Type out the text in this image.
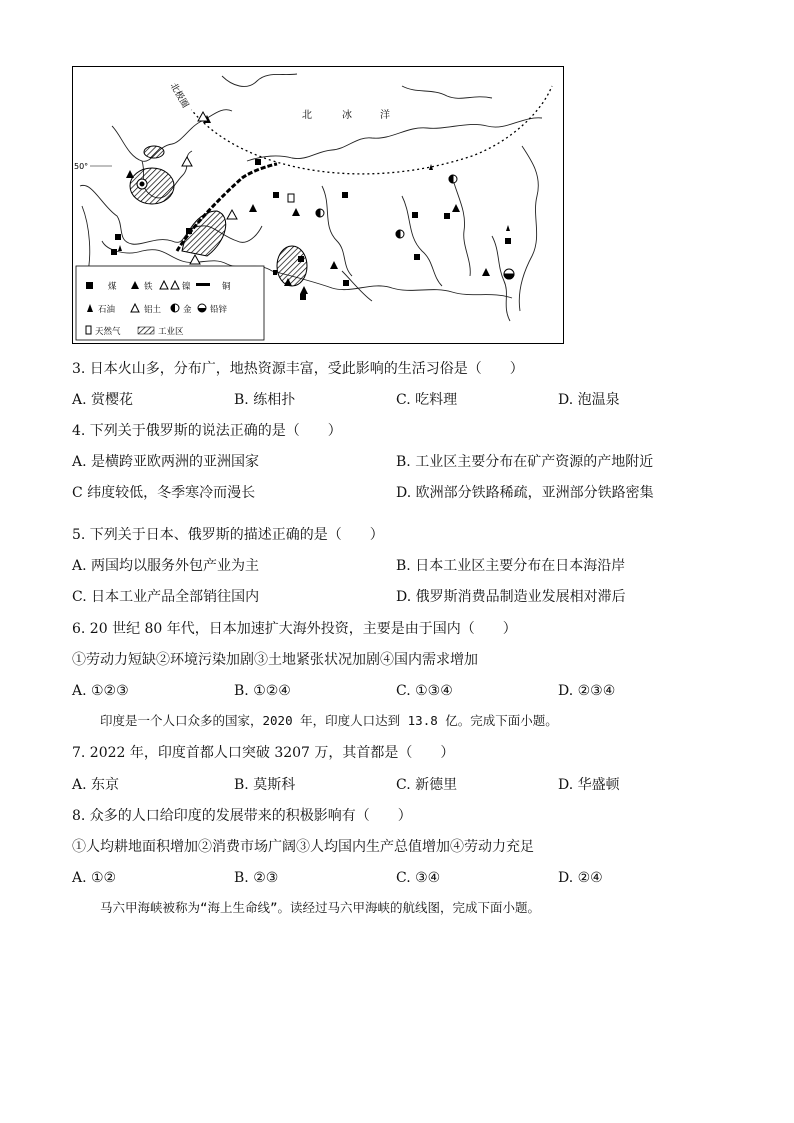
北极圈
50°
北	冰	洋
煤	铁	镍	铜
石油	铝土	金 铅锌
天然气	工业区
3. 日本火山多，分布广，地热资源丰富，受此影响的生活习俗是（　　）
A. 赏樱花	B. 练相扑	C. 吃料理	D. 泡温泉
4. 下列关于俄罗斯的说法正确的是（　　）
A. 是横跨亚欧两洲的亚洲国家	B. 工业区主要分布在矿产资源的产地附近
C 纬度较低，冬季寒冷而漫长	D. 欧洲部分铁路稀疏，亚洲部分铁路密集
5. 下列关于日本、俄罗斯的描述正确的是（　　）
A. 两国均以服务外包产业为主	B. 日本工业区主要分布在日本海沿岸
C. 日本工业产品全部销往国内	D. 俄罗斯消费品制造业发展相对滞后
6. 20 世纪 80 年代，日本加速扩大海外投资，主要是由于国内（　　）
①劳动力短缺②环境污染加剧③土地紧张状况加剧④国内需求增加
A. ①②③	B. ①②④	C. ①③④	D. ②③④
印度是一个人口众多的国家，2020 年，印度人口达到 13.8 亿。完成下面小题。
7. 2022 年，印度首都人口突破 3207 万，其首都是（　　）
A. 东京	B. 莫斯科	C. 新德里	D. 华盛顿
8. 众多的人口给印度的发展带来的积极影响有（　　）
①人均耕地面积增加②消费市场广阔③人均国内生产总值增加④劳动力充足
A. ①②	B. ②③	C. ③④	D. ②④
马六甲海峡被称为“海上生命线”。读经过马六甲海峡的航线图，完成下面小题。
